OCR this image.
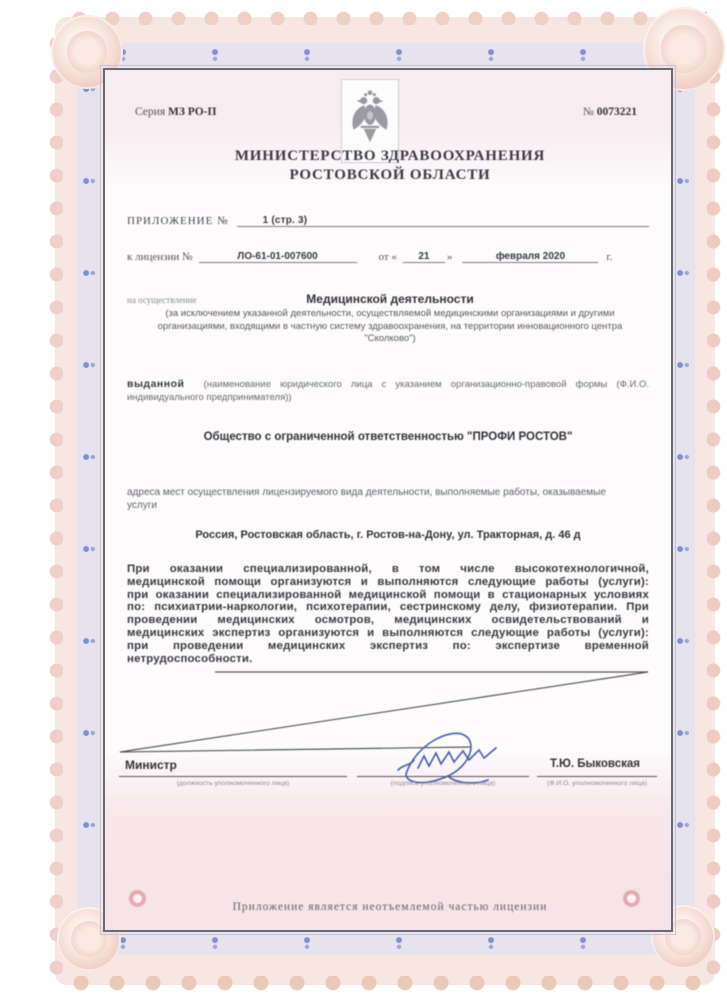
Серия МЗ РО-П	№ 0073221
МИНИСТЕРСТВО ЗДРАВООХРАНЕНИЯ
РОСТОВСКОЙ ОБЛАСТИ
ПРИЛОЖЕНИЕ №	1 (стр. 3)
к лицензии №	ЛО-61-01-007600	от «	21	»	февраля 2020	г.
на осуществление	Медицинской деятельности
(за исключением указанной деятельности, осуществляемой медицинскими организациями и другими организациями, входящими в частную систему здравоохранения, на территории инновационного центра "Сколково")
выданной (наименование юридического лица с указанием организационно-правовой формы (Ф.И.О. индивидуального предпринимателя))
Общество с ограниченной ответственностью "ПРОФИ РОСТОВ"
адреса мест осуществления лицензируемого вида деятельности, выполняемые работы, оказываемые услуги
Россия, Ростовская область, г. Ростов-на-Дону, ул. Тракторная, д. 46 д
При оказании специализированной, в том числе высокотехнологичной, медицинской помощи организуются и выполняются следующие работы (услуги): при оказании специализированной медицинской помощи в стационарных условиях по: психиатрии-наркологии, психотерапии, сестринскому делу, физиотерапии. При проведении медицинских осмотров, медицинских освидетельствований и медицинских экспертиз организуются и выполняются следующие работы (услуги): при проведении медицинских экспертиз по: экспертизе временной нетрудоспособности.
Министр
(должность уполномоченного лица)	(подпись уполномоченного лица)	(Ф.И.О. уполномоченного лица)
Т.Ю. Быковская
Приложение является неотъемлемой частью лицензии
